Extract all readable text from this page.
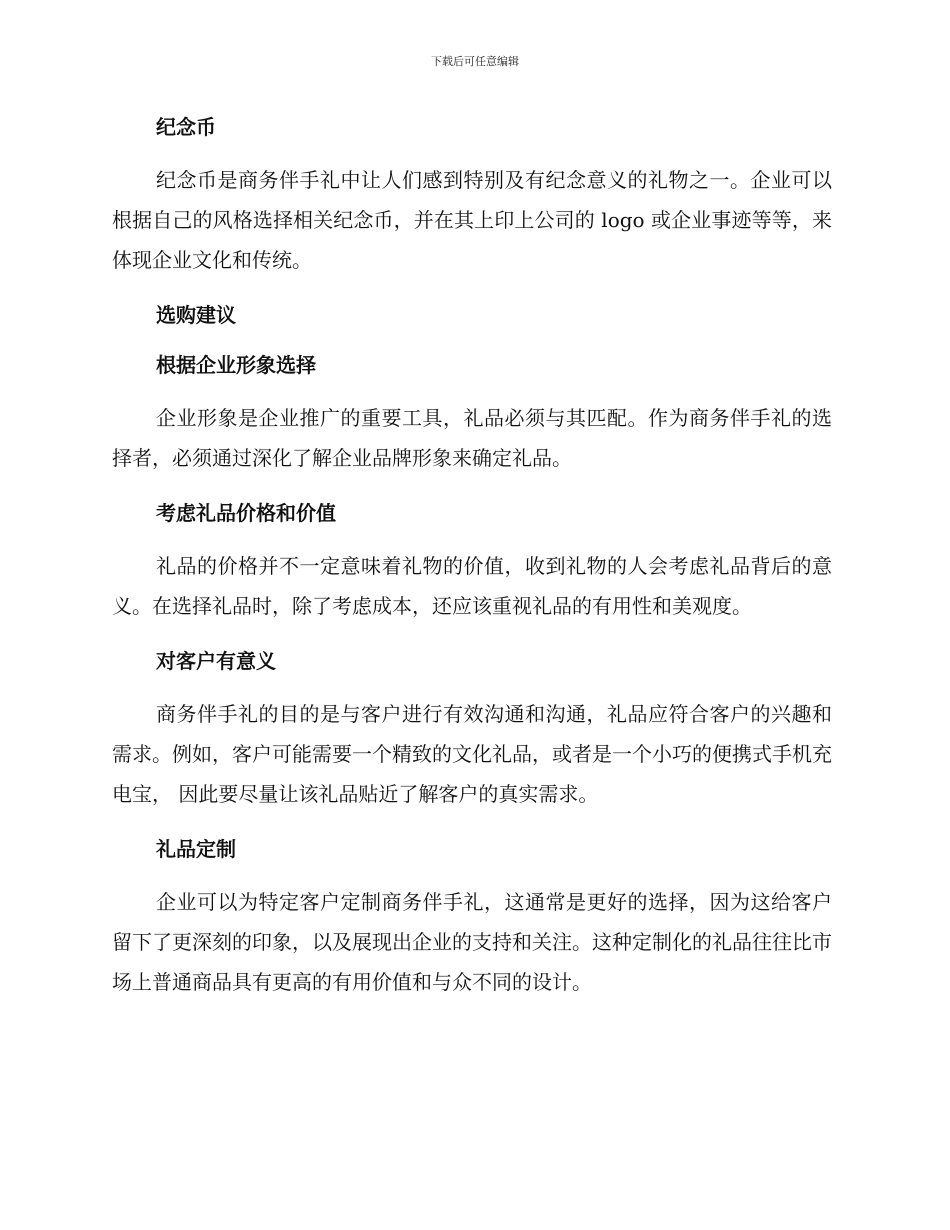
下载后可任意编辑
纪念币

纪念币是商务伴手礼中让人们感到特别及有纪念意义的礼物之一。企业可以根据自己的风格选择相关纪念币，并在其上印上公司的 logo 或企业事迹等等，来体现企业文化和传统。

选购建议
根据企业形象选择

企业形象是企业推广的重要工具，礼品必须与其匹配。作为商务伴手礼的选择者，必须通过深化了解企业品牌形象来确定礼品。

考虑礼品价格和价值

礼品的价格并不一定意味着礼物的价值，收到礼物的人会考虑礼品背后的意义。在选择礼品时，除了考虑成本，还应该重视礼品的有用性和美观度。

对客户有意义

商务伴手礼的目的是与客户进行有效沟通和沟通，礼品应符合客户的兴趣和需求。例如，客户可能需要一个精致的文化礼品，或者是一个小巧的便携式手机充电宝， 因此要尽量让该礼品贴近了解客户的真实需求。

礼品定制

企业可以为特定客户定制商务伴手礼，这通常是更好的选择，因为这给客户留下了更深刻的印象，以及展现出企业的支持和关注。这种定制化的礼品往往比市场上普通商品具有更高的有用价值和与众不同的设计。
